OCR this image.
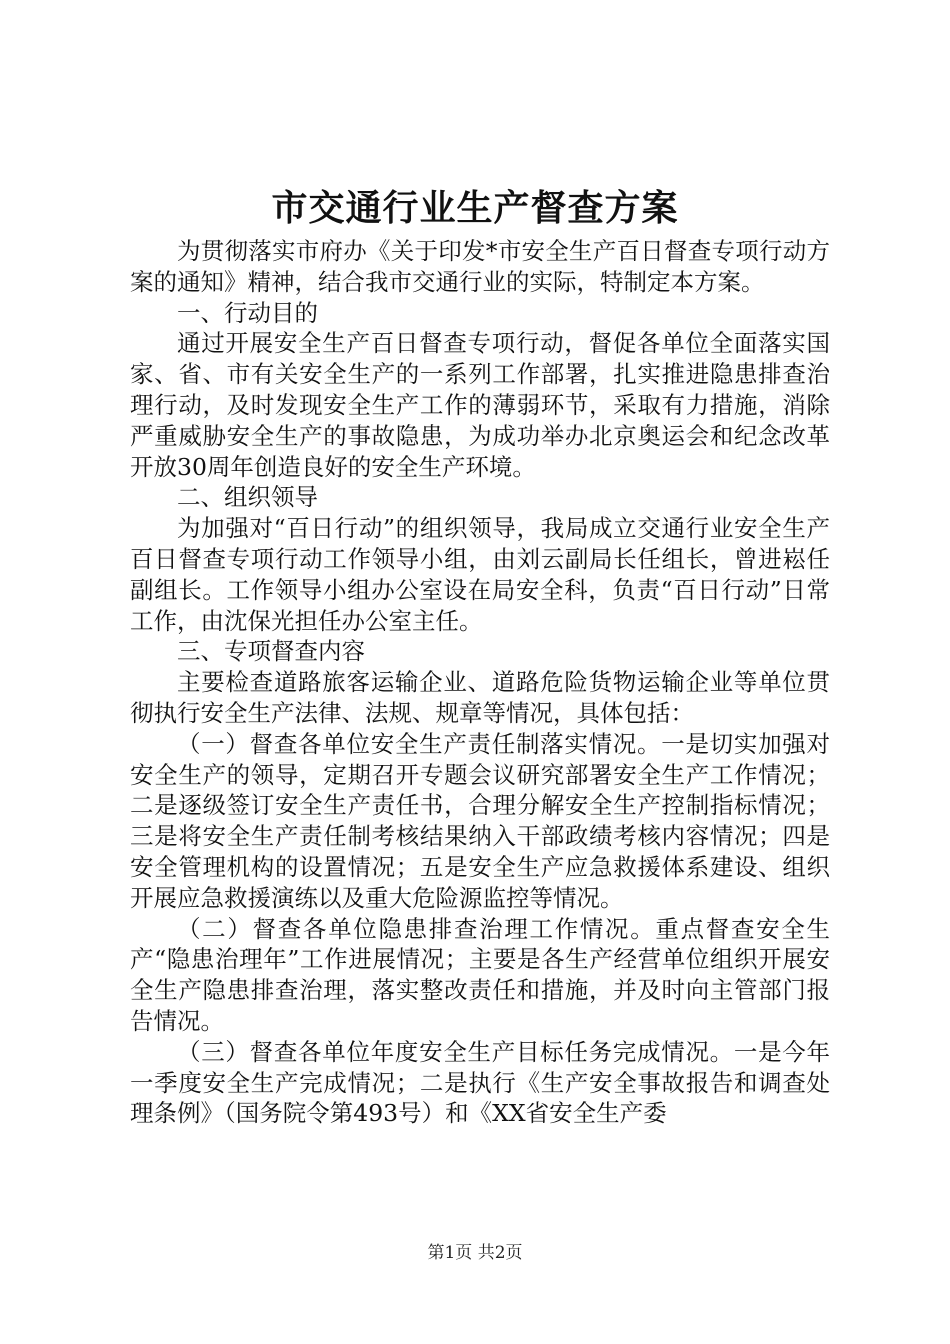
市交通行业生产督查方案

为贯彻落实市府办《关于印发*市安全生产百日督查专项行动方案的通知》精神，结合我市交通行业的实际，特制定本方案。

一、行动目的

通过开展安全生产百日督查专项行动，督促各单位全面落实国家、省、市有关安全生产的一系列工作部署，扎实推进隐患排查治理行动，及时发现安全生产工作的薄弱环节，采取有力措施，消除严重威胁安全生产的事故隐患，为成功举办北京奥运会和纪念改革开放30周年创造良好的安全生产环境。

二、组织领导

为加强对“百日行动”的组织领导，我局成立交通行业安全生产百日督查专项行动工作领导小组，由刘云副局长任组长，曾进崧任副组长。工作领导小组办公室设在局安全科，负责“百日行动”日常工作，由沈保光担任办公室主任。

三、专项督查内容

主要检查道路旅客运输企业、道路危险货物运输企业等单位贯彻执行安全生产法律、法规、规章等情况，具体包括：

（一）督查各单位安全生产责任制落实情况。一是切实加强对安全生产的领导，定期召开专题会议研究部署安全生产工作情况；二是逐级签订安全生产责任书，合理分解安全生产控制指标情况；三是将安全生产责任制考核结果纳入干部政绩考核内容情况；四是安全管理机构的设置情况；五是安全生产应急救援体系建设、组织开展应急救援演练以及重大危险源监控等情况。

（二）督查各单位隐患排查治理工作情况。重点督查安全生产“隐患治理年”工作进展情况；主要是各生产经营单位组织开展安全生产隐患排查治理，落实整改责任和措施，并及时向主管部门报告情况。

（三）督查各单位年度安全生产目标任务完成情况。一是今年一季度安全生产完成情况；二是执行《生产安全事故报告和调查处理条例》（国务院令第493号）和《XX省安全生产委

第1页 共2页
